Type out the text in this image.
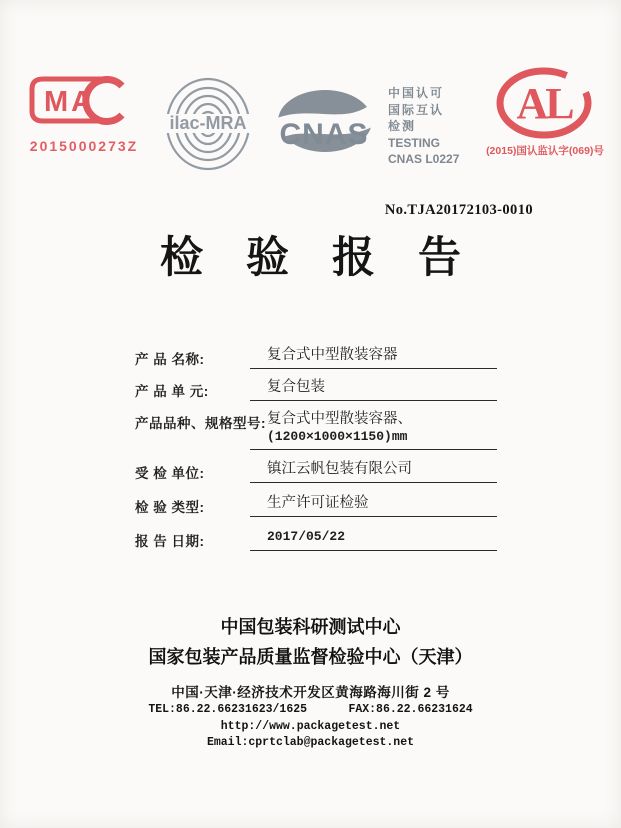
MA
2015000273Z
ilac-MRA CNAS
中国认可
国际互认
检测
TESTING
CNAS L0227
AL
(2015)国认监认字(069)号
No.TJA20172103-0010
检　验　报　告
产 品 名称:	复合式中型散装容器
产 品 单 元:	复合包装
产品品种、规格型号: 复合式中型散装容器、
(1200×1000×1150)mm
受 检 单位:	镇江云帆包装有限公司
检 验 类型:	生产许可证检验
报 告 日期:	2017/05/22
中国包装科研测试中心
国家包装产品质量监督检验中心（天津）
中国·天津·经济技术开发区黄海路海川街 2 号
TEL:86.22.66231623/1625      FAX:86.22.66231624
http://www.packagetest.net
Email:cprtclab@packagetest.net
